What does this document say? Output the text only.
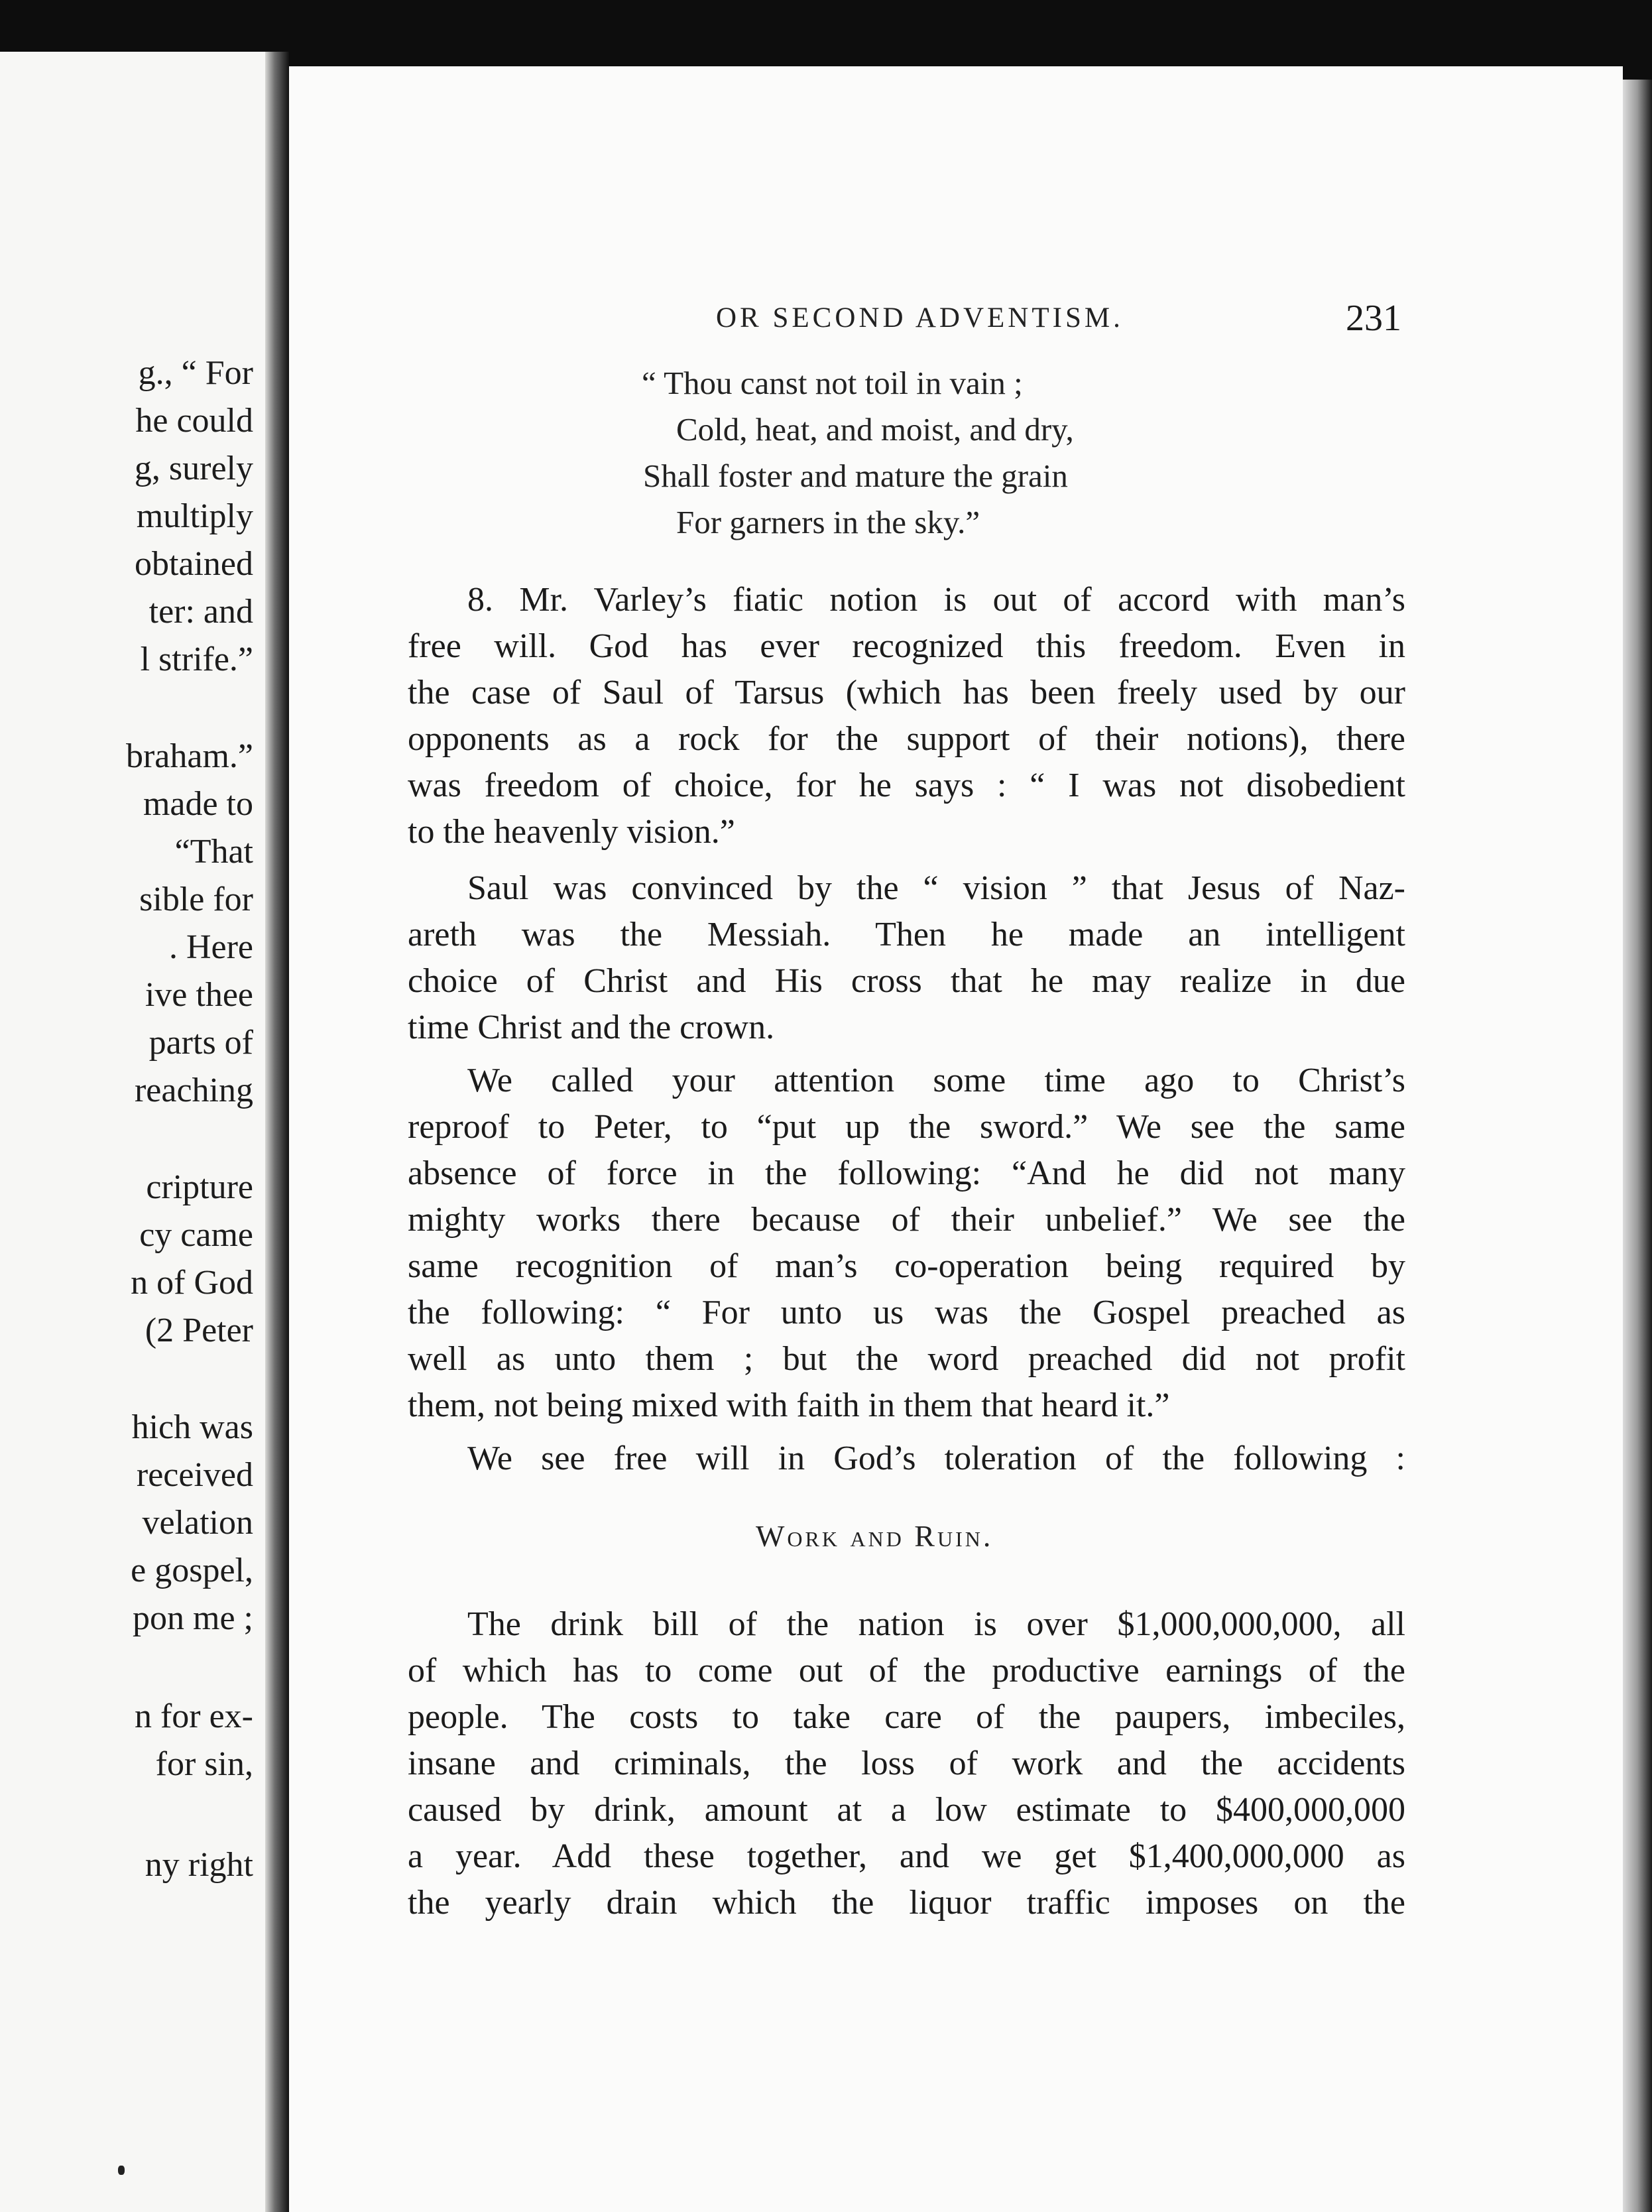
g., “ For
he could
g, surely
multiply
obtained
ter: and
l strife.”
braham.”
made to
“That
sible for
. Here
ive thee
parts of
reaching
cripture
cy came
n of God
(2 Peter
hich was
received
velation
e gospel,
pon me ;
n for ex-
for sin,
ny right
OR SECOND ADVENTISM.	231
“ Thou canst not toil in vain ;
Cold, heat, and moist, and dry,
Shall foster and mature the grain
For garners in the sky.”
8. Mr. Varley’s fiatic notion is out of accord with man’s
free will. God has ever recognized this freedom. Even in
the case of Saul of Tarsus (which has been freely used by our
opponents as a rock for the support of their notions), there
was freedom of choice, for he says : “ I was not disobedient
to the heavenly vision.”
Saul was convinced by the “ vision ” that Jesus of Naz-
areth was the Messiah. Then he made an intelligent
choice of Christ and His cross that he may realize in due
time Christ and the crown.
We called your attention some time ago to Christ’s
reproof to Peter, to “put up the sword.” We see the same
absence of force in the following: “And he did not many
mighty works there because of their unbelief.” We see the
same recognition of man’s co-operation being required by
the following: “ For unto us was the Gospel preached as
well as unto them ; but the word preached did not profit
them, not being mixed with faith in them that heard it.”
We see free will in God’s toleration of the following :
Work and Ruin.
The drink bill of the nation is over $1,000,000,000, all
of which has to come out of the productive earnings of the
people. The costs to take care of the paupers, imbeciles,
insane and criminals, the loss of work and the accidents
caused by drink, amount at a low estimate to $400,000,000
a year. Add these together, and we get $1,400,000,000 as
the yearly drain which the liquor traffic imposes on the
